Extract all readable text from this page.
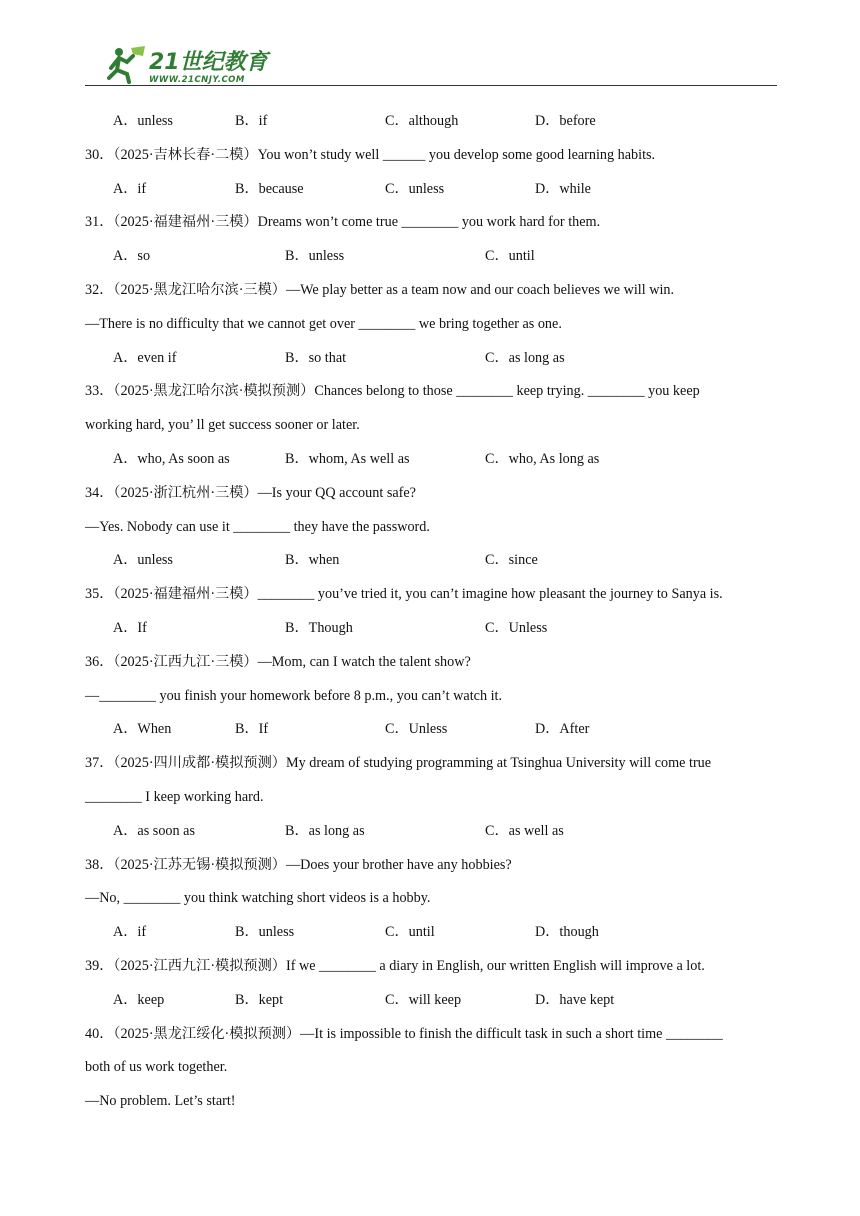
21世纪教育
WWW.21CNJY.COM
A．unless	B．if	C．although	D．before
30．（2025·吉林长春·二模）You won’t study well ______ you develop some good learning habits.
A．if	B．because	C．unless	D．while
31．（2025·福建福州·三模）Dreams won’t come true ________ you work hard for them.
A．so	B．unless	C．until
32．（2025·黑龙江哈尔滨·三模）—We play better as a team now and our coach believes we will win.
—There is no difficulty that we cannot get over ________ we bring together as one.
A．even if	B．so that	C．as long as
33．（2025·黑龙江哈尔滨·模拟预测）Chances belong to those ________ keep trying. ________ you keep
working hard, you’ ll get success sooner or later.
A．who, As soon as	B．whom, As well as	C．who, As long as
34．（2025·浙江杭州·三模）—Is your QQ account safe?
—Yes. Nobody can use it ________ they have the password.
A．unless	B．when	C．since
35．（2025·福建福州·三模）________ you’ve tried it, you can’t imagine how pleasant the journey to Sanya is.
A．If	B．Though	C．Unless
36．（2025·江西九江·三模）—Mom, can I watch the talent show?
—________ you finish your homework before 8 p.m., you can’t watch it.
A．When	B．If	C．Unless	D．After
37．（2025·四川成都·模拟预测）My dream of studying programming at Tsinghua University will come true
________ I keep working hard.
A．as soon as	B．as long as	C．as well as
38．（2025·江苏无锡·模拟预测）—Does your brother have any hobbies?
—No, ________ you think watching short videos is a hobby.
A．if	B．unless	C．until	D．though
39．（2025·江西九江·模拟预测）If we ________ a diary in English, our written English will improve a lot.
A．keep	B．kept	C．will keep	D．have kept
40．（2025·黑龙江绥化·模拟预测）—It is impossible to finish the difficult task in such a short time ________
both of us work together.
—No problem. Let’s start!
